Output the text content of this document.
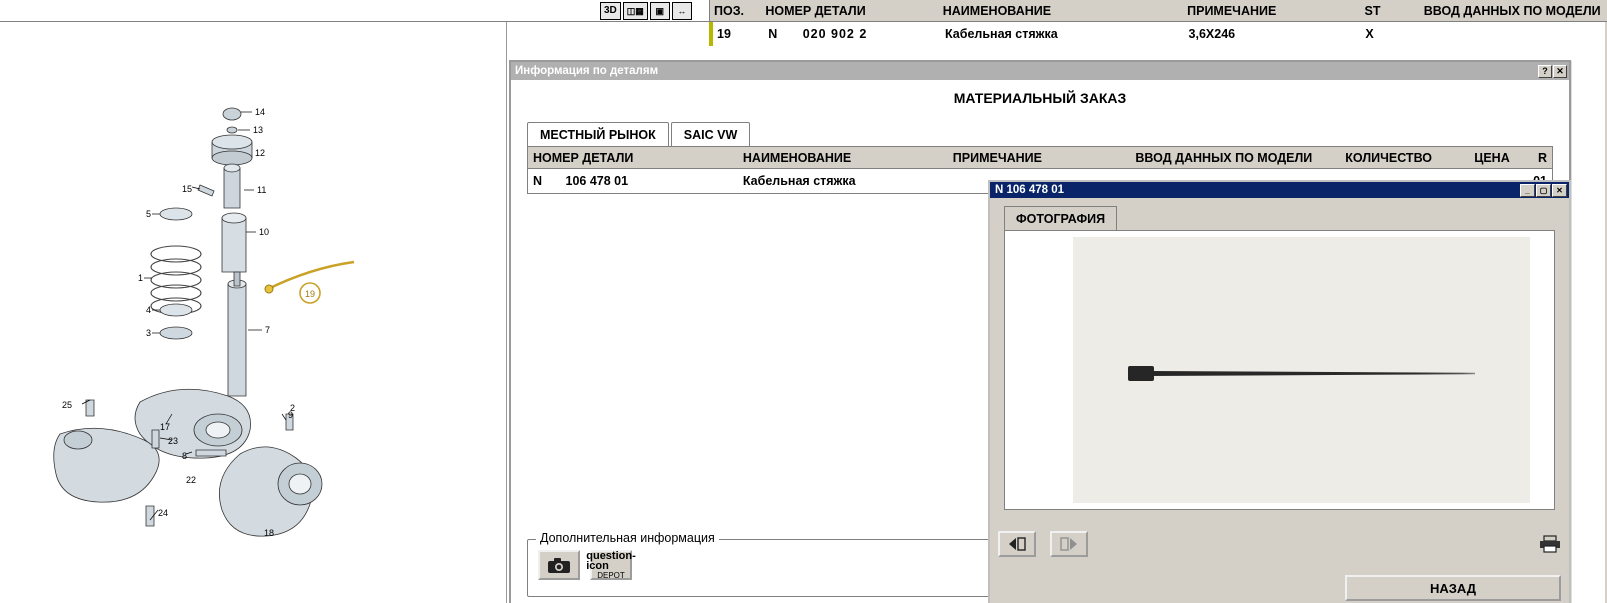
3D	◫▦	▣	↔	ПОЗ.	НОМЕР ДЕТАЛИ	НАИМЕНОВАНИЕ	ПРИМЕЧАНИЕ	ST	ВВОД ДАННЫХ ПО МОДЕЛИ
19	N 020 902 2	Кабельная стяжка	3,6X246	X
19
14
13
12
11
10
15
5
1
4
3	7
17
25
23
8
22
24
18
9
2
Информация по деталям	? ✕
МАТЕРИАЛЬНЫЙ ЗАКАЗ
МЕСТНЫЙ РЫНОК	SAIC VW
НОМЕР ДЕТАЛИ	НАИМЕНОВАНИЕ	ПРИМЕЧАНИЕ	ВВОД ДАННЫХ ПО МОДЕЛИ	КОЛИЧЕСТВО	ЦЕНА	R
N 106 478 01	Кабельная стяжка
Дополнительная информация
question-icon
DEPOT
N 106 478 01	_	▢	✕
ФОТОГРАФИЯ
НАЗАД
